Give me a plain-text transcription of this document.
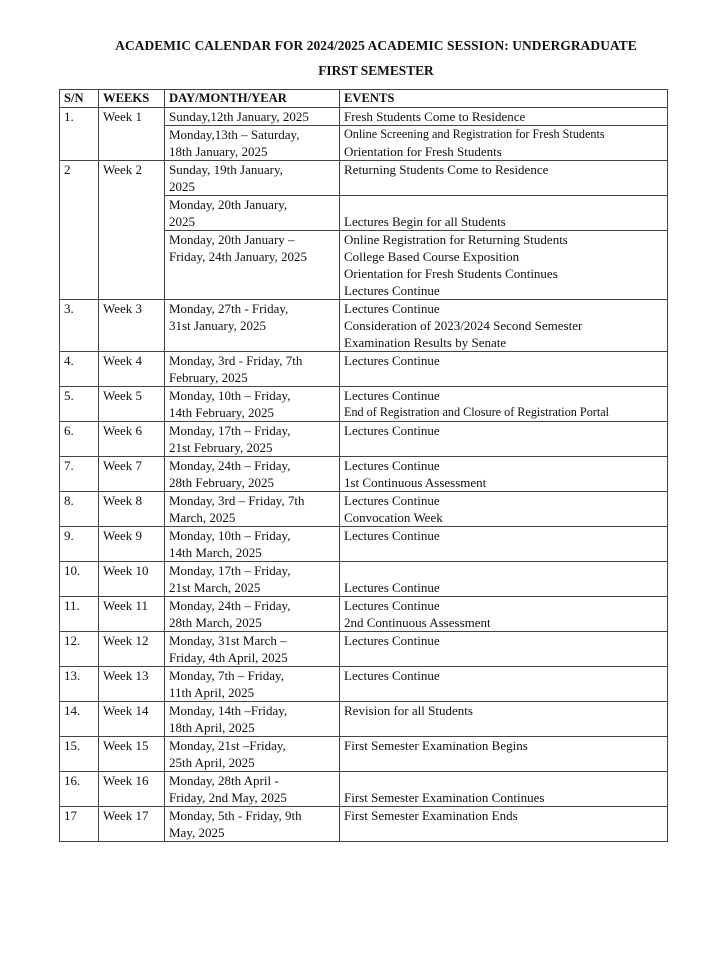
ACADEMIC CALENDAR FOR 2024/2025 ACADEMIC SESSION: UNDERGRADUATE
FIRST SEMESTER
S/N	WEEKS	DAY/MONTH/YEAR	EVENTS
1.	Week 1	Sunday,12th January, 2025	Fresh Students Come to Residence

		Monday,13th – Saturday,
18th January, 2025	Online Screening and Registration for Fresh Students
Orientation for Fresh Students

2	Week 2	Sunday, 19th January,
2025	Returning Students Come to Residence

		Monday, 20th January,
2025	Lectures Begin for all Students

		Monday, 20th January –
Friday, 24th January, 2025	Online Registration for Returning Students
College Based Course Exposition
Orientation for Fresh Students Continues
Lectures Continue

3.	Week 3	Monday, 27th - Friday,
31st January, 2025	Lectures Continue
Consideration of 2023/2024 Second Semester
Examination Results by Senate

4.	Week 4	Monday, 3rd - Friday, 7th
February, 2025	Lectures Continue

5.	Week 5	Monday, 10th – Friday,
14th February, 2025	Lectures Continue
End of Registration and Closure of Registration Portal

6.	Week 6	Monday, 17th – Friday,
21st February, 2025	Lectures Continue

7.	Week 7	Monday, 24th – Friday,
28th February, 2025	Lectures Continue
1st Continuous Assessment

8.	Week 8	Monday, 3rd – Friday, 7th
March, 2025	Lectures Continue
Convocation Week

9.	Week 9	Monday, 10th – Friday,
14th March, 2025	Lectures Continue

10.	Week 10	Monday, 17th – Friday,
21st March, 2025	Lectures Continue

11.	Week 11	Monday, 24th – Friday,
28th March, 2025	Lectures Continue
2nd Continuous Assessment

12.	Week 12	Monday, 31st March –
Friday, 4th April, 2025	Lectures Continue

13.	Week 13	Monday, 7th – Friday,
11th April, 2025	Lectures Continue

14.	Week 14	Monday, 14th –Friday,
18th April, 2025	Revision for all Students

15.	Week 15	Monday, 21st –Friday,
25th April, 2025	First Semester Examination Begins

16.	Week 16	Monday, 28th April -
Friday, 2nd May, 2025	First Semester Examination Continues

17	Week 17	Monday, 5th - Friday, 9th
May, 2025	First Semester Examination Ends
